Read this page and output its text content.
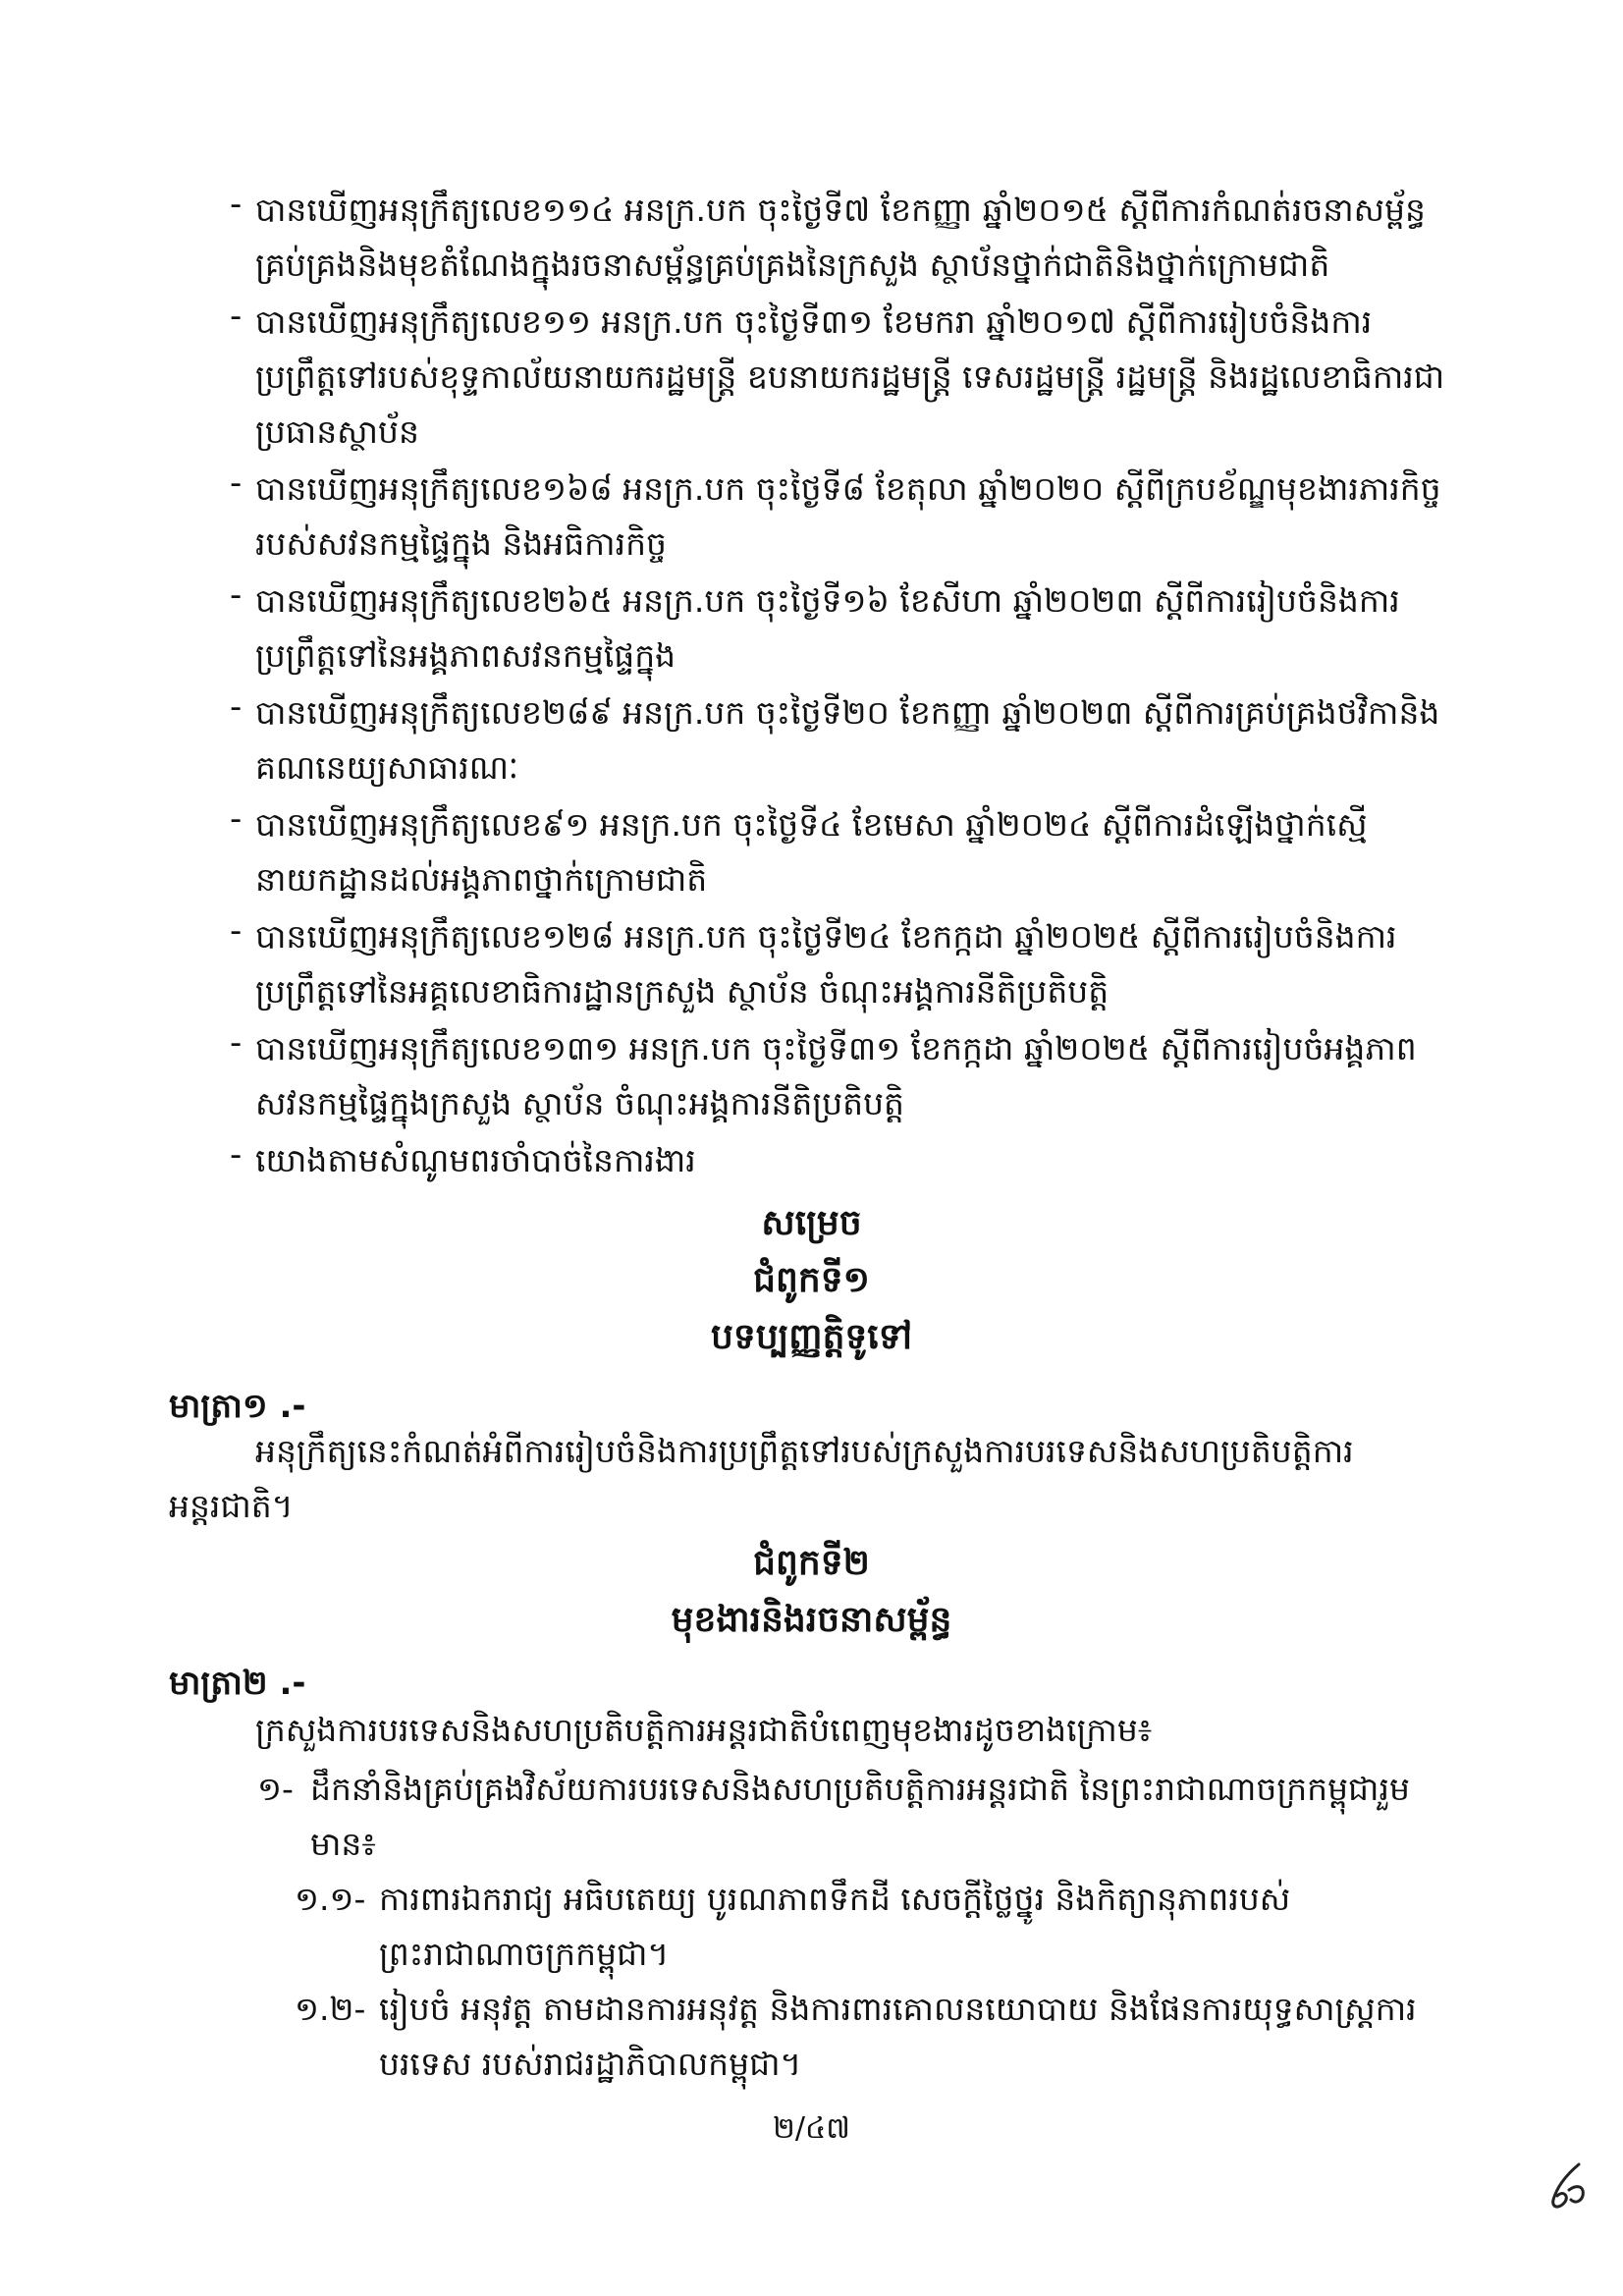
- បានឃើញអនុក្រឹត្យលេខ១១៤ អនក្រ.បក ចុះថ្ងៃទី៧ ខែកញ្ញា ឆ្នាំ២០១៥ ស្តីពីការកំណត់រចនាសម្ព័ន្ធគ្រប់គ្រងនិងមុខតំណែងក្នុងរចនាសម្ព័ន្ធគ្រប់គ្រងនៃក្រសួង ស្ថាប័នថ្នាក់ជាតិនិងថ្នាក់ក្រោមជាតិ
- បានឃើញអនុក្រឹត្យលេខ១១ អនក្រ.បក ចុះថ្ងៃទី៣១ ខែមករា ឆ្នាំ២០១៧ ស្តីពីការរៀបចំនិងការប្រព្រឹត្តទៅរបស់ខុទ្ទកាល័យនាយករដ្ឋមន្ត្រី ឧបនាយករដ្ឋមន្ត្រី ទេសរដ្ឋមន្ត្រី រដ្ឋមន្ត្រី និងរដ្ឋលេខាធិការជាប្រធានស្ថាប័ន
- បានឃើញអនុក្រឹត្យលេខ១៦៨ អនក្រ.បក ចុះថ្ងៃទី៨ ខែតុលា ឆ្នាំ២០២០ ស្តីពីក្របខ័ណ្ឌមុខងារភារកិច្ចរបស់សវនកម្មផ្ទៃក្នុង និងអធិការកិច្ច
- បានឃើញអនុក្រឹត្យលេខ២៦៥ អនក្រ.បក ចុះថ្ងៃទី១៦ ខែសីហា ឆ្នាំ២០២៣ ស្តីពីការរៀបចំនិងការប្រព្រឹត្តទៅនៃអង្គភាពសវនកម្មផ្ទៃក្នុង
- បានឃើញអនុក្រឹត្យលេខ២៨៩ អនក្រ.បក ចុះថ្ងៃទី២០ ខែកញ្ញា ឆ្នាំ២០២៣ ស្តីពីការគ្រប់គ្រងថវិកានិងគណនេយ្យសាធារណៈ
- បានឃើញអនុក្រឹត្យលេខ៩១ អនក្រ.បក ចុះថ្ងៃទី៤ ខែមេសា ឆ្នាំ២០២៤ ស្តីពីការដំឡើងថ្នាក់ស្មើនាយកដ្ឋានដល់អង្គភាពថ្នាក់ក្រោមជាតិ
- បានឃើញអនុក្រឹត្យលេខ១២៨ អនក្រ.បក ចុះថ្ងៃទី២៤ ខែកក្កដា ឆ្នាំ២០២៥ ស្តីពីការរៀបចំនិងការប្រព្រឹត្តទៅនៃអគ្គលេខាធិការដ្ឋានក្រសួង ស្ថាប័ន ចំណុះអង្គការនីតិប្រតិបត្តិ
- បានឃើញអនុក្រឹត្យលេខ១៣១ អនក្រ.បក ចុះថ្ងៃទី៣១ ខែកក្កដា ឆ្នាំ២០២៥ ស្តីពីការរៀបចំអង្គភាពសវនកម្មផ្ទៃក្នុងក្រសួង ស្ថាប័ន ចំណុះអង្គការនីតិប្រតិបត្តិ
- យោងតាមសំណូមពរចាំបាច់នៃការងារ
សម្រេច
ជំពូកទី១
បទប្បញ្ញត្តិទូទៅ
មាត្រា១ .-
អនុក្រឹត្យនេះកំណត់អំពីការរៀបចំនិងការប្រព្រឹត្តទៅរបស់ក្រសួងការបរទេសនិងសហប្រតិបត្តិការអន្តរជាតិ។
ជំពូកទី២
មុខងារនិងរចនាសម្ព័ន្ធ
មាត្រា២ .-
ក្រសួងការបរទេសនិងសហប្រតិបត្តិការអន្តរជាតិបំពេញមុខងារដូចខាងក្រោម៖
១- ដឹកនាំនិងគ្រប់គ្រងវិស័យការបរទេសនិងសហប្រតិបត្តិការអន្តរជាតិ នៃព្រះរាជាណាចក្រកម្ពុជារួមមាន៖
១.១- ការពារឯករាជ្យ អធិបតេយ្យ បូរណភាពទឹកដី សេចក្តីថ្លៃថ្នូរ និងកិត្យានុភាពរបស់ព្រះរាជាណាចក្រកម្ពុជា។
១.២- រៀបចំ អនុវត្ត តាមដានការអនុវត្ត និងការពារគោលនយោបាយ និងផែនការយុទ្ធសាស្ត្រការបរទេស របស់រាជរដ្ឋាភិបាលកម្ពុជា។
២/៤៧
